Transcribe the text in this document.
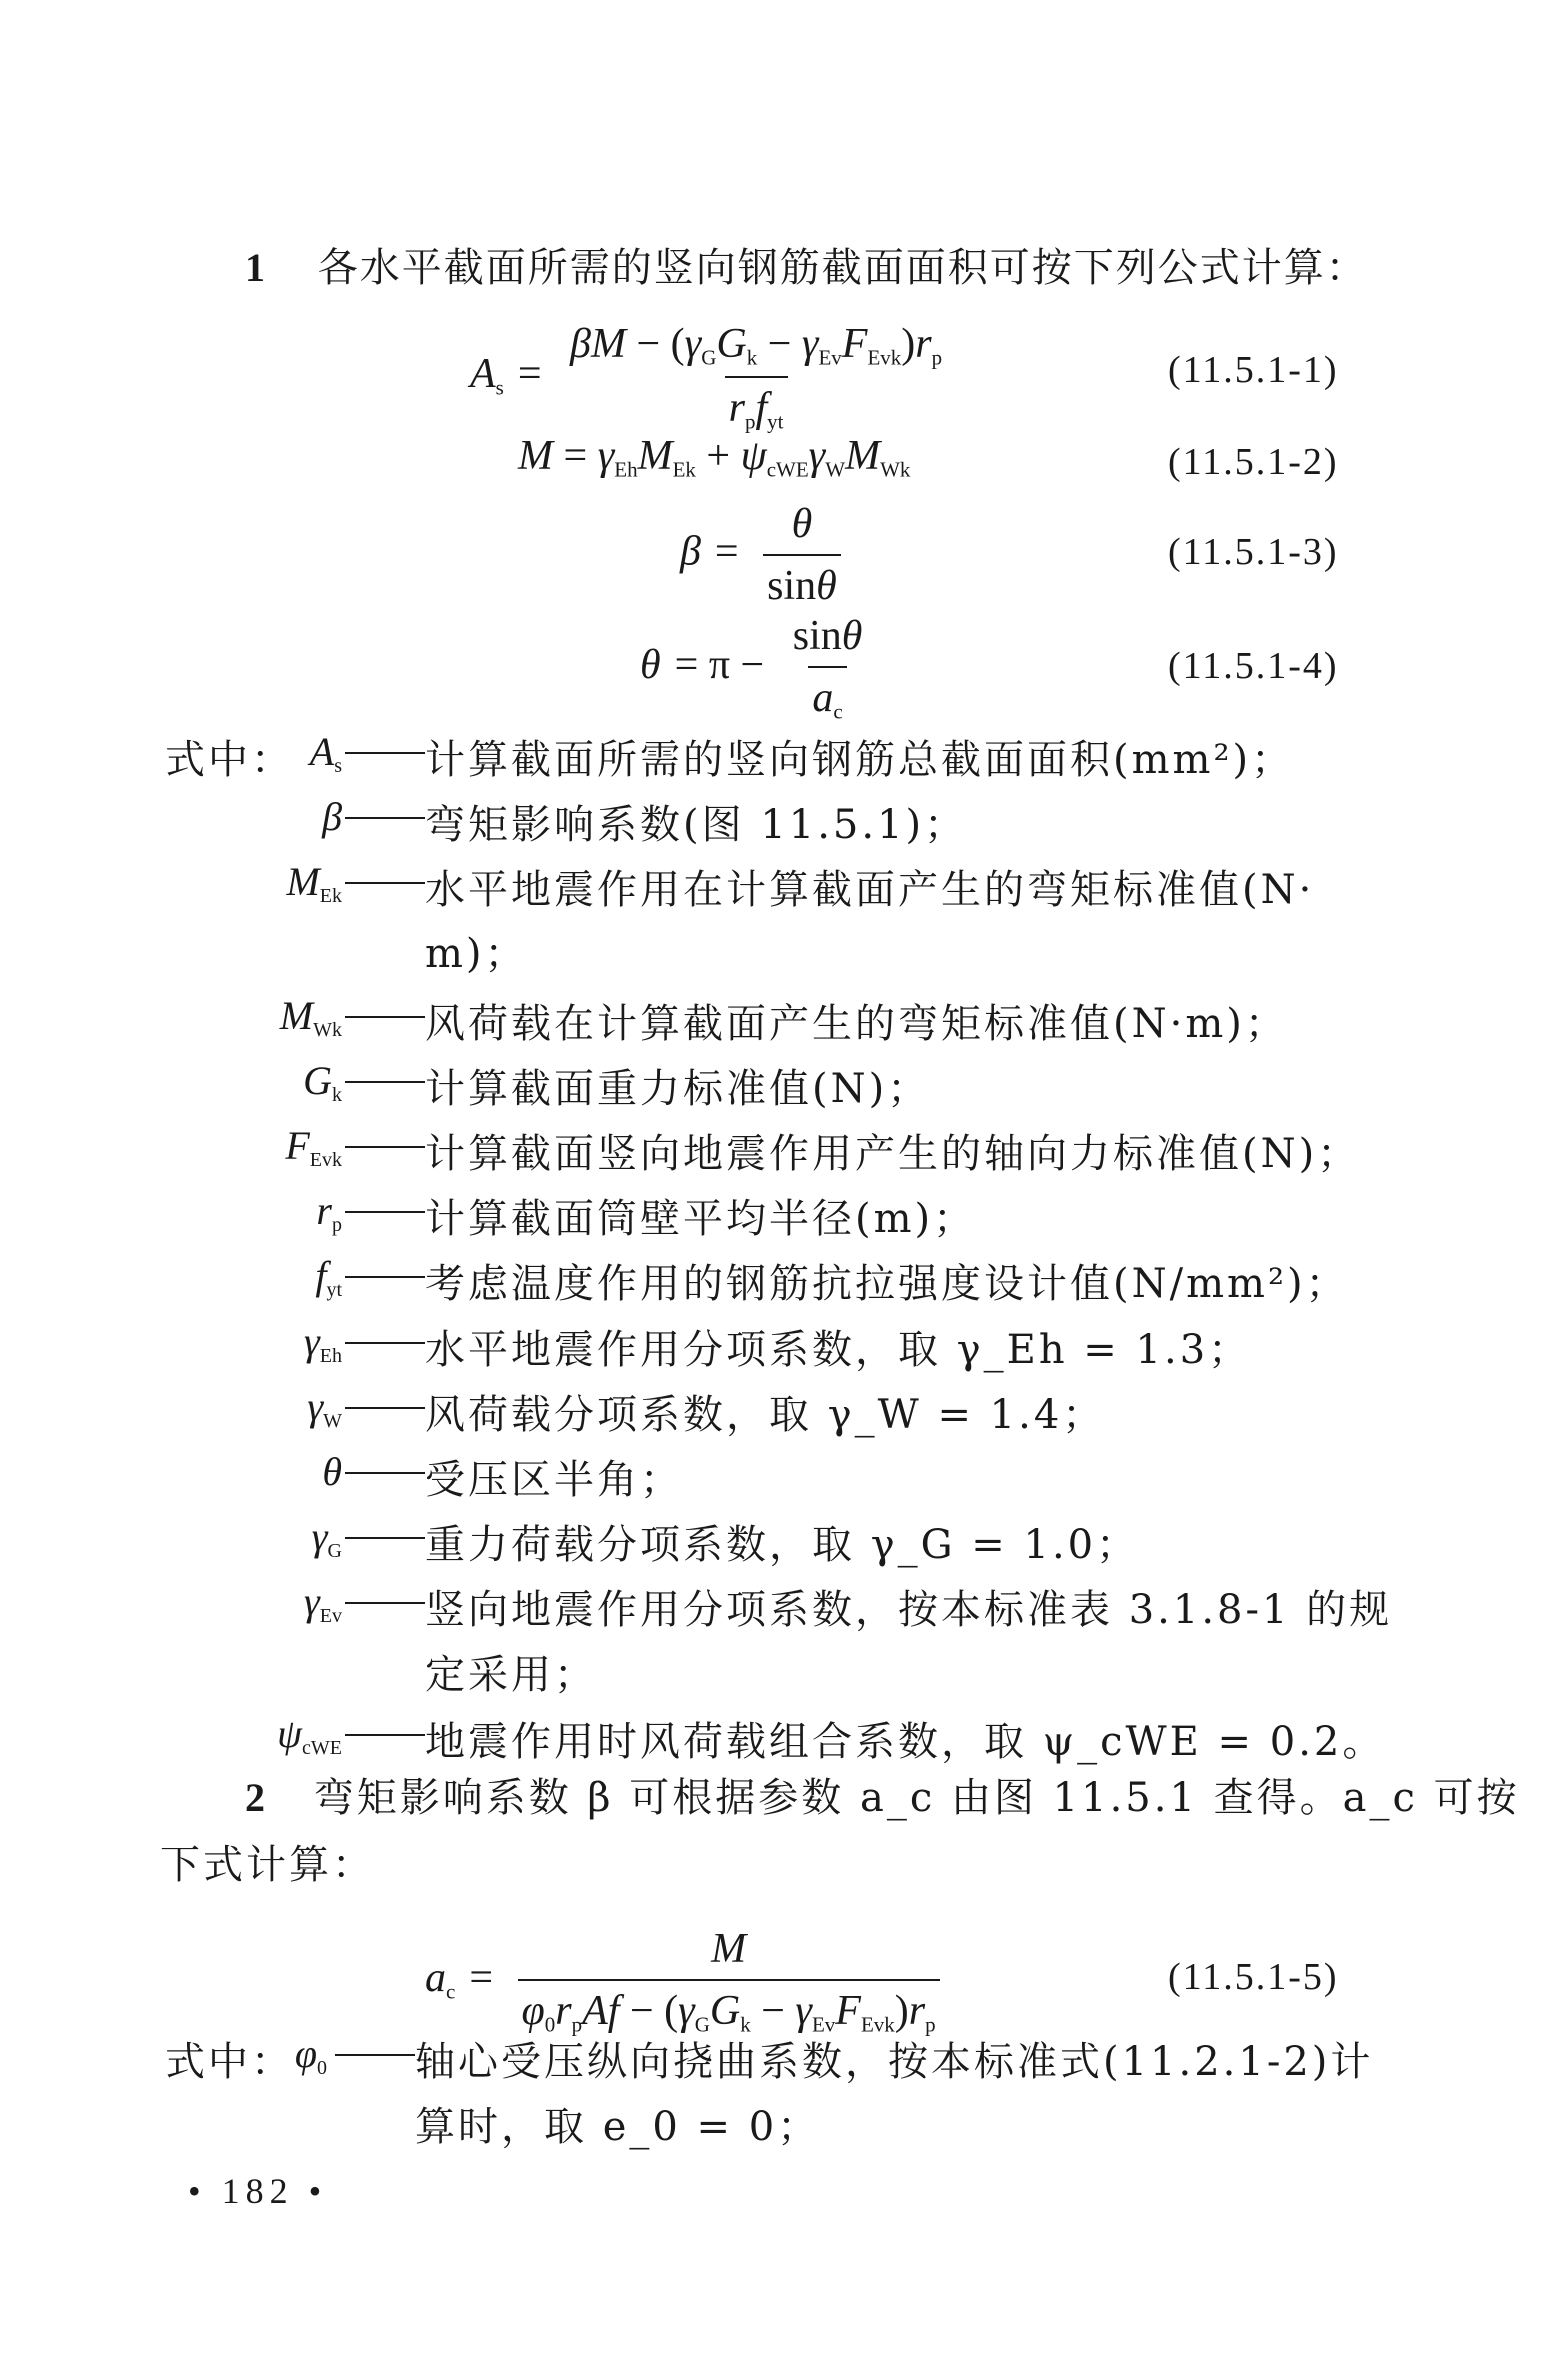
1 各水平截面所需的竖向钢筋截面面积可按下列公式计算：
$A_s = \frac{\beta M - (\gamma_GG_k - \gamma_{Ev}F_{Evk})r_p}{r_pf_{yt}}$	(11.5.1-1)
$M = \gamma_{Eh}M_{Ek} + \psi_{cWE}\gamma_WM_{Wk}$	(11.5.1-2)
$\beta = \frac{\theta}{\sin\theta}$	(11.5.1-3)
$\theta = \pi - \frac{\sin\theta}{a_c}$	(11.5.1-4)
式中： $A_s$ 计算截面所需的竖向钢筋总截面面积(mm²)；
β 弯矩影响系数(图 11.5.1)；
$M_{Ek}$ 水平地震作用在计算截面产生的弯矩标准值(N·
m)；
$M_{Wk}$ 风荷载在计算截面产生的弯矩标准值(N·m)；
$G_k$ 计算截面重力标准值(N)；
$F_{Evk}$ 计算截面竖向地震作用产生的轴向力标准值(N)；
$r_p$ 计算截面筒壁平均半径(m)；
$f_{yt}$ 考虑温度作用的钢筋抗拉强度设计值(N/mm²)；
$\gamma_{Eh}$ 水平地震作用分项系数，取 γ_Eh = 1.3；
$\gamma_W$ 风荷载分项系数，取 γ_W = 1.4；
θ 受压区半角；
$\gamma_G$ 重力荷载分项系数，取 γ_G = 1.0；
$\gamma_{Ev}$ 竖向地震作用分项系数，按本标准表 3.1.8-1 的规
定采用；
$\psi_{cWE}$ 地震作用时风荷载组合系数，取 ψ_cWE = 0.2。
2 弯矩影响系数 β 可根据参数 a_c 由图 11.5.1 查得。a_c 可按
下式计算：
$a_c = \frac{M}{\varphi_0r_pAf - (\gamma_GG_k - \gamma_{Ev}F_{Evk})r_p}$	(11.5.1-5)
式中： $\varphi_0$ 轴心受压纵向挠曲系数，按本标准式(11.2.1-2)计
算时，取 e_0 = 0；
• 182 •
